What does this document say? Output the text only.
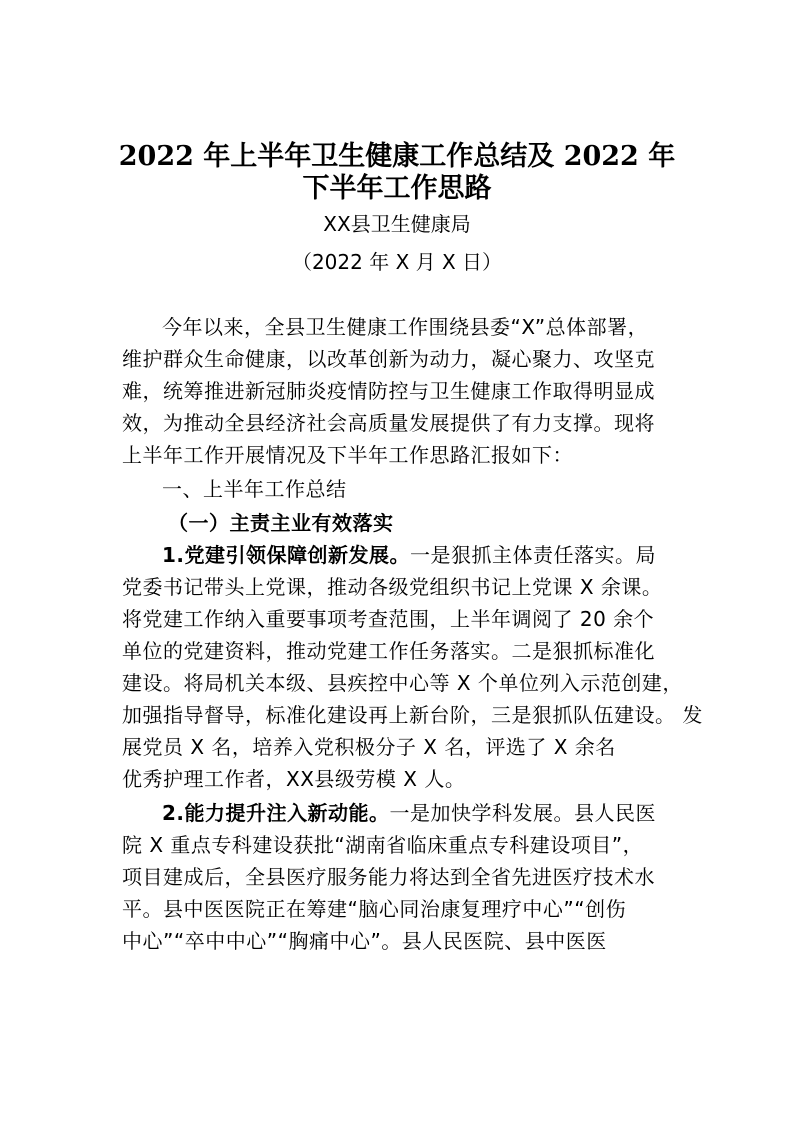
2022 年上半年卫生健康工作总结及 2022 年
下半年工作思路
XX县卫生健康局
（2022 年 X 月 X 日）
今年以来，全县卫生健康工作围绕县委“X”总体部署，
维护群众生命健康，以改革创新为动力，凝心聚力、攻坚克
难，统筹推进新冠肺炎疫情防控与卫生健康工作取得明显成
效，为推动全县经济社会高质量发展提供了有力支撑。现将
上半年工作开展情况及下半年工作思路汇报如下：
一、上半年工作总结
（一）主责主业有效落实
1.党建引领保障创新发展。一是狠抓主体责任落实。局
党委书记带头上党课，推动各级党组织书记上党课 X 余课。
将党建工作纳入重要事项考查范围，上半年调阅了 20 余个
单位的党建资料，推动党建工作任务落实。二是狠抓标准化
建设。将局机关本级、县疾控中心等 X 个单位列入示范创建，
加强指导督导，标准化建设再上新台阶，三是狠抓队伍建设。 发
展党员 X 名，培养入党积极分子 X 名，评选了 X 余名
优秀护理工作者，XX县级劳模 X 人。
2.能力提升注入新动能。一是加快学科发展。县人民医
院 X 重点专科建设获批“湖南省临床重点专科建设项目”，
项目建成后，全县医疗服务能力将达到全省先进医疗技术水
平。县中医医院正在筹建“脑心同治康复理疗中心”“创伤
中心”“卒中中心”“胸痛中心”。县人民医院、县中医医
